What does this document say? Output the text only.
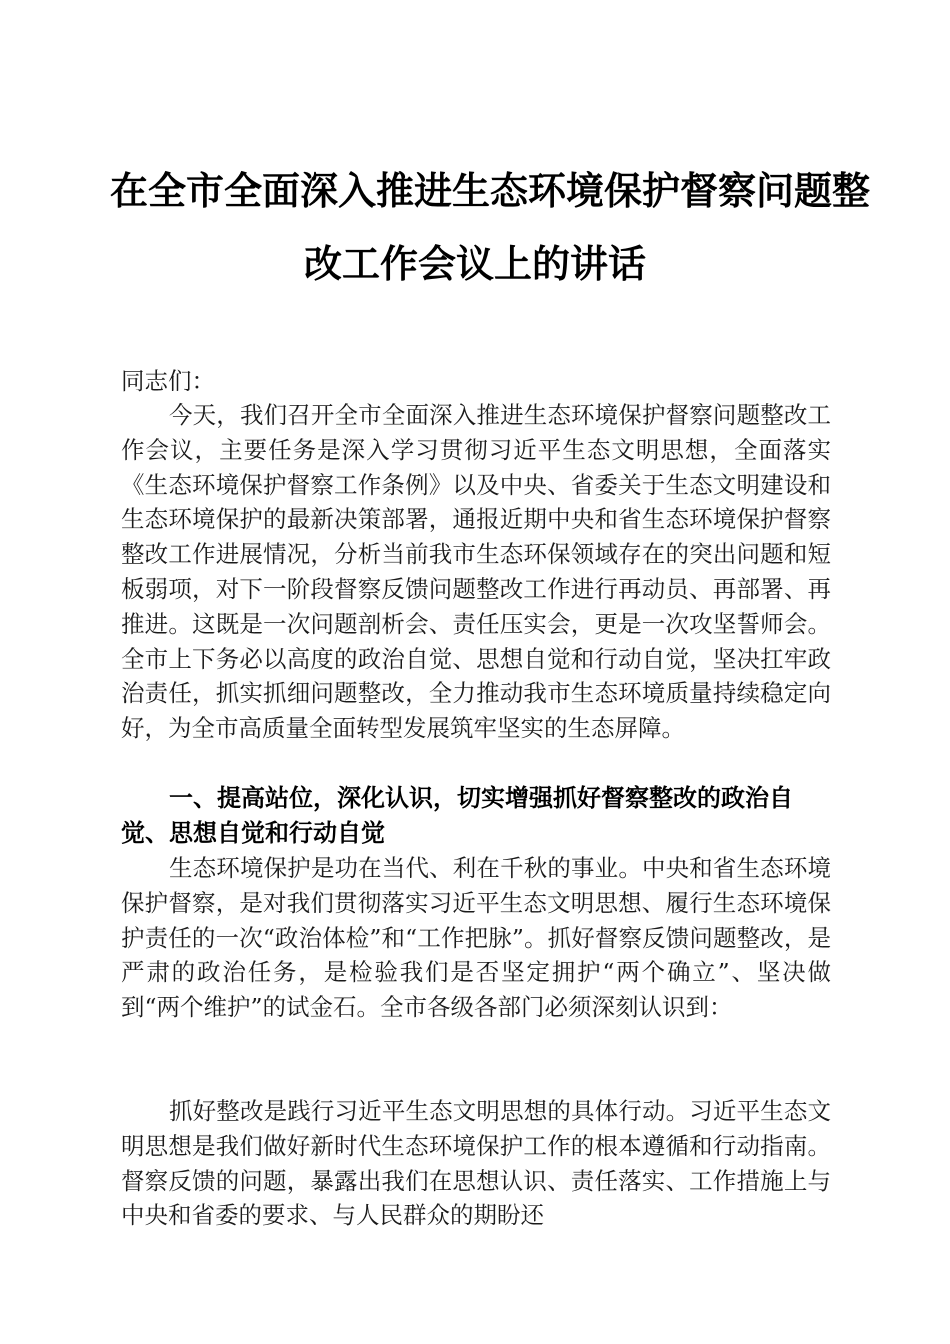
在全市全面深入推进生态环境保护督察问题整
改工作会议上的讲话
同志们：
今天，我们召开全市全面深入推进生态环境保护督察问题整改工作会议，主要任务是深入学习贯彻习近平生态文明思想，全面落实《生态环境保护督察工作条例》以及中央、省委关于生态文明建设和生态环境保护的最新决策部署，通报近期中央和省生态环境保护督察整改工作进展情况，分析当前我市生态环保领域存在的突出问题和短板弱项，对下一阶段督察反馈问题整改工作进行再动员、再部署、再推进。这既是一次问题剖析会、责任压实会，更是一次攻坚誓师会。全市上下务必以高度的政治自觉、思想自觉和行动自觉，坚决扛牢政治责任，抓实抓细问题整改，全力推动我市生态环境质量持续稳定向好，为全市高质量全面转型发展筑牢坚实的生态屏障。
一、提高站位，深化认识，切实增强抓好督察整改的政治自觉、思想自觉和行动自觉
生态环境保护是功在当代、利在千秋的事业。中央和省生态环境保护督察，是对我们贯彻落实习近平生态文明思想、履行生态环境保护责任的一次“政治体检”和“工作把脉”。抓好督察反馈问题整改，是严肃的政治任务，是检验我们是否坚定拥护“两个确立”、坚决做到“两个维护”的试金石。全市各级各部门必须深刻认识到：
抓好整改是践行习近平生态文明思想的具体行动。习近平生态文明思想是我们做好新时代生态环境保护工作的根本遵循和行动指南。督察反馈的问题，暴露出我们在思想认识、责任落实、工作措施上与中央和省委的要求、与人民群众的期盼还
